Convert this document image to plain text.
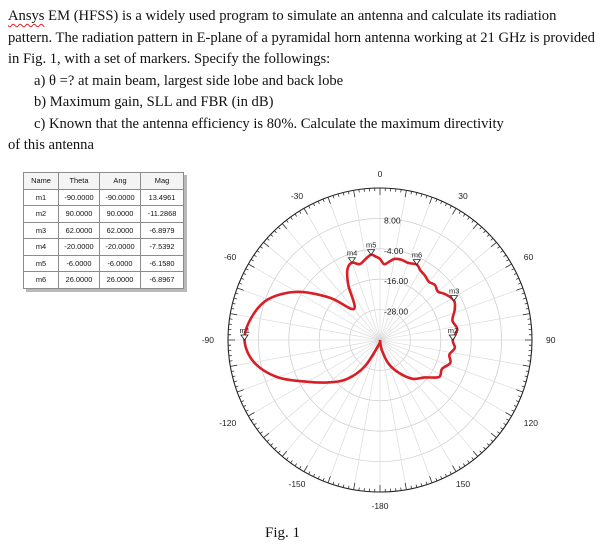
Ansys EM (HFSS) is a widely used program to simulate an antenna and calculate its radiation pattern. The radiation pattern in E-plane of a pyramidal horn antenna working at 21 GHz is provided in Fig. 1, with a set of markers. Specify the followings:

a) θ =? at main beam, largest side lobe and back lobe

b) Maximum gain, SLL and FBR (in dB)

c) Known that the antenna efficiency is 80%. Calculate the maximum directivity

of this antenna

Name	Theta	Ang	Mag
m1	-90.0000	-90.0000	13.4961
m2	90.0000	90.0000	-11.2868
m3	62.0000	62.0000	-6.8979
m4	-20.0000	-20.0000	-7.5392
m5	-6.0000	-6.0000	-6.1580
m6	26.0000	26.0000	-6.8967
0
30
60
90
120
150
-180
-150
-120
-90
-60
-30
8.00
-4.00
-16.00
-28.00
m1	m2
m3
m4
m5
m6
Fig. 1
